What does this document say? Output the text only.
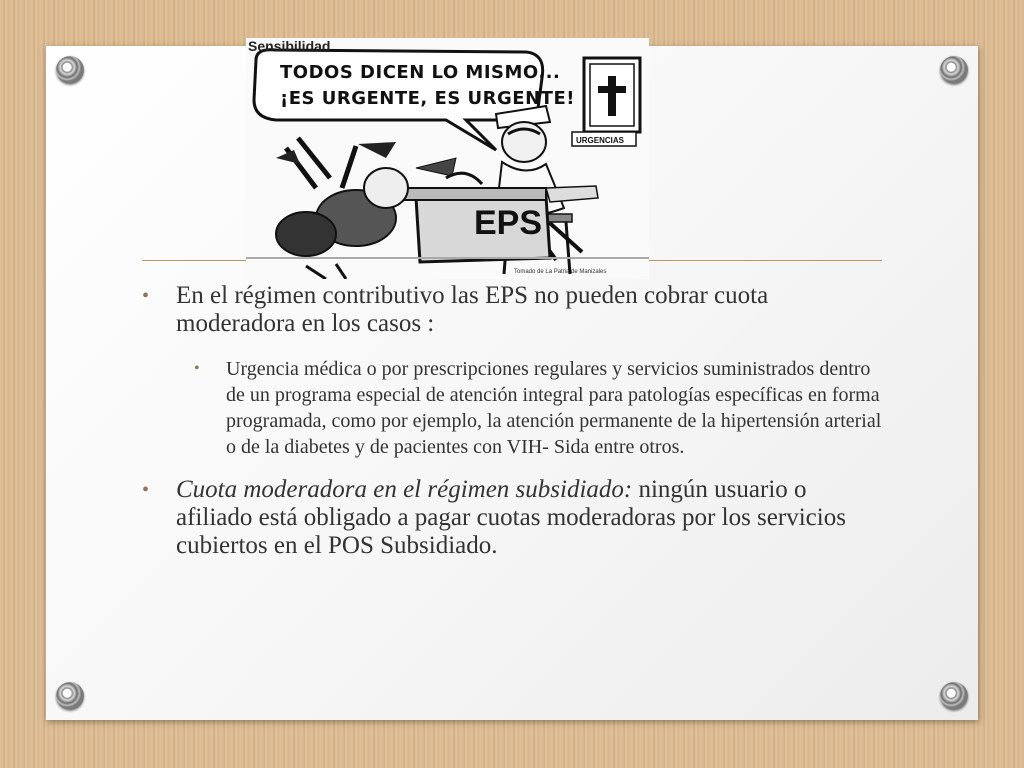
Sensibilidad
TODOS DICEN LO MISMO...
¡ES URGENTE, ES URGENTE!
URGENCIAS
EPS
Tomado de La Patria de Manizales
• En el régimen contributivo las EPS no pueden cobrar cuota moderadora en los casos :
• Urgencia médica o por prescripciones regulares y servicios suministrados dentro de un programa especial de atención integral para patologías específicas en forma programada, como por ejemplo, la atención permanente de la hipertensión arterial o de la diabetes y de pacientes con VIH- Sida entre otros.
• Cuota moderadora en el régimen subsidiado: ningún usuario o afiliado está obligado a pagar cuotas moderadoras por los servicios cubiertos en el POS Subsidiado.
